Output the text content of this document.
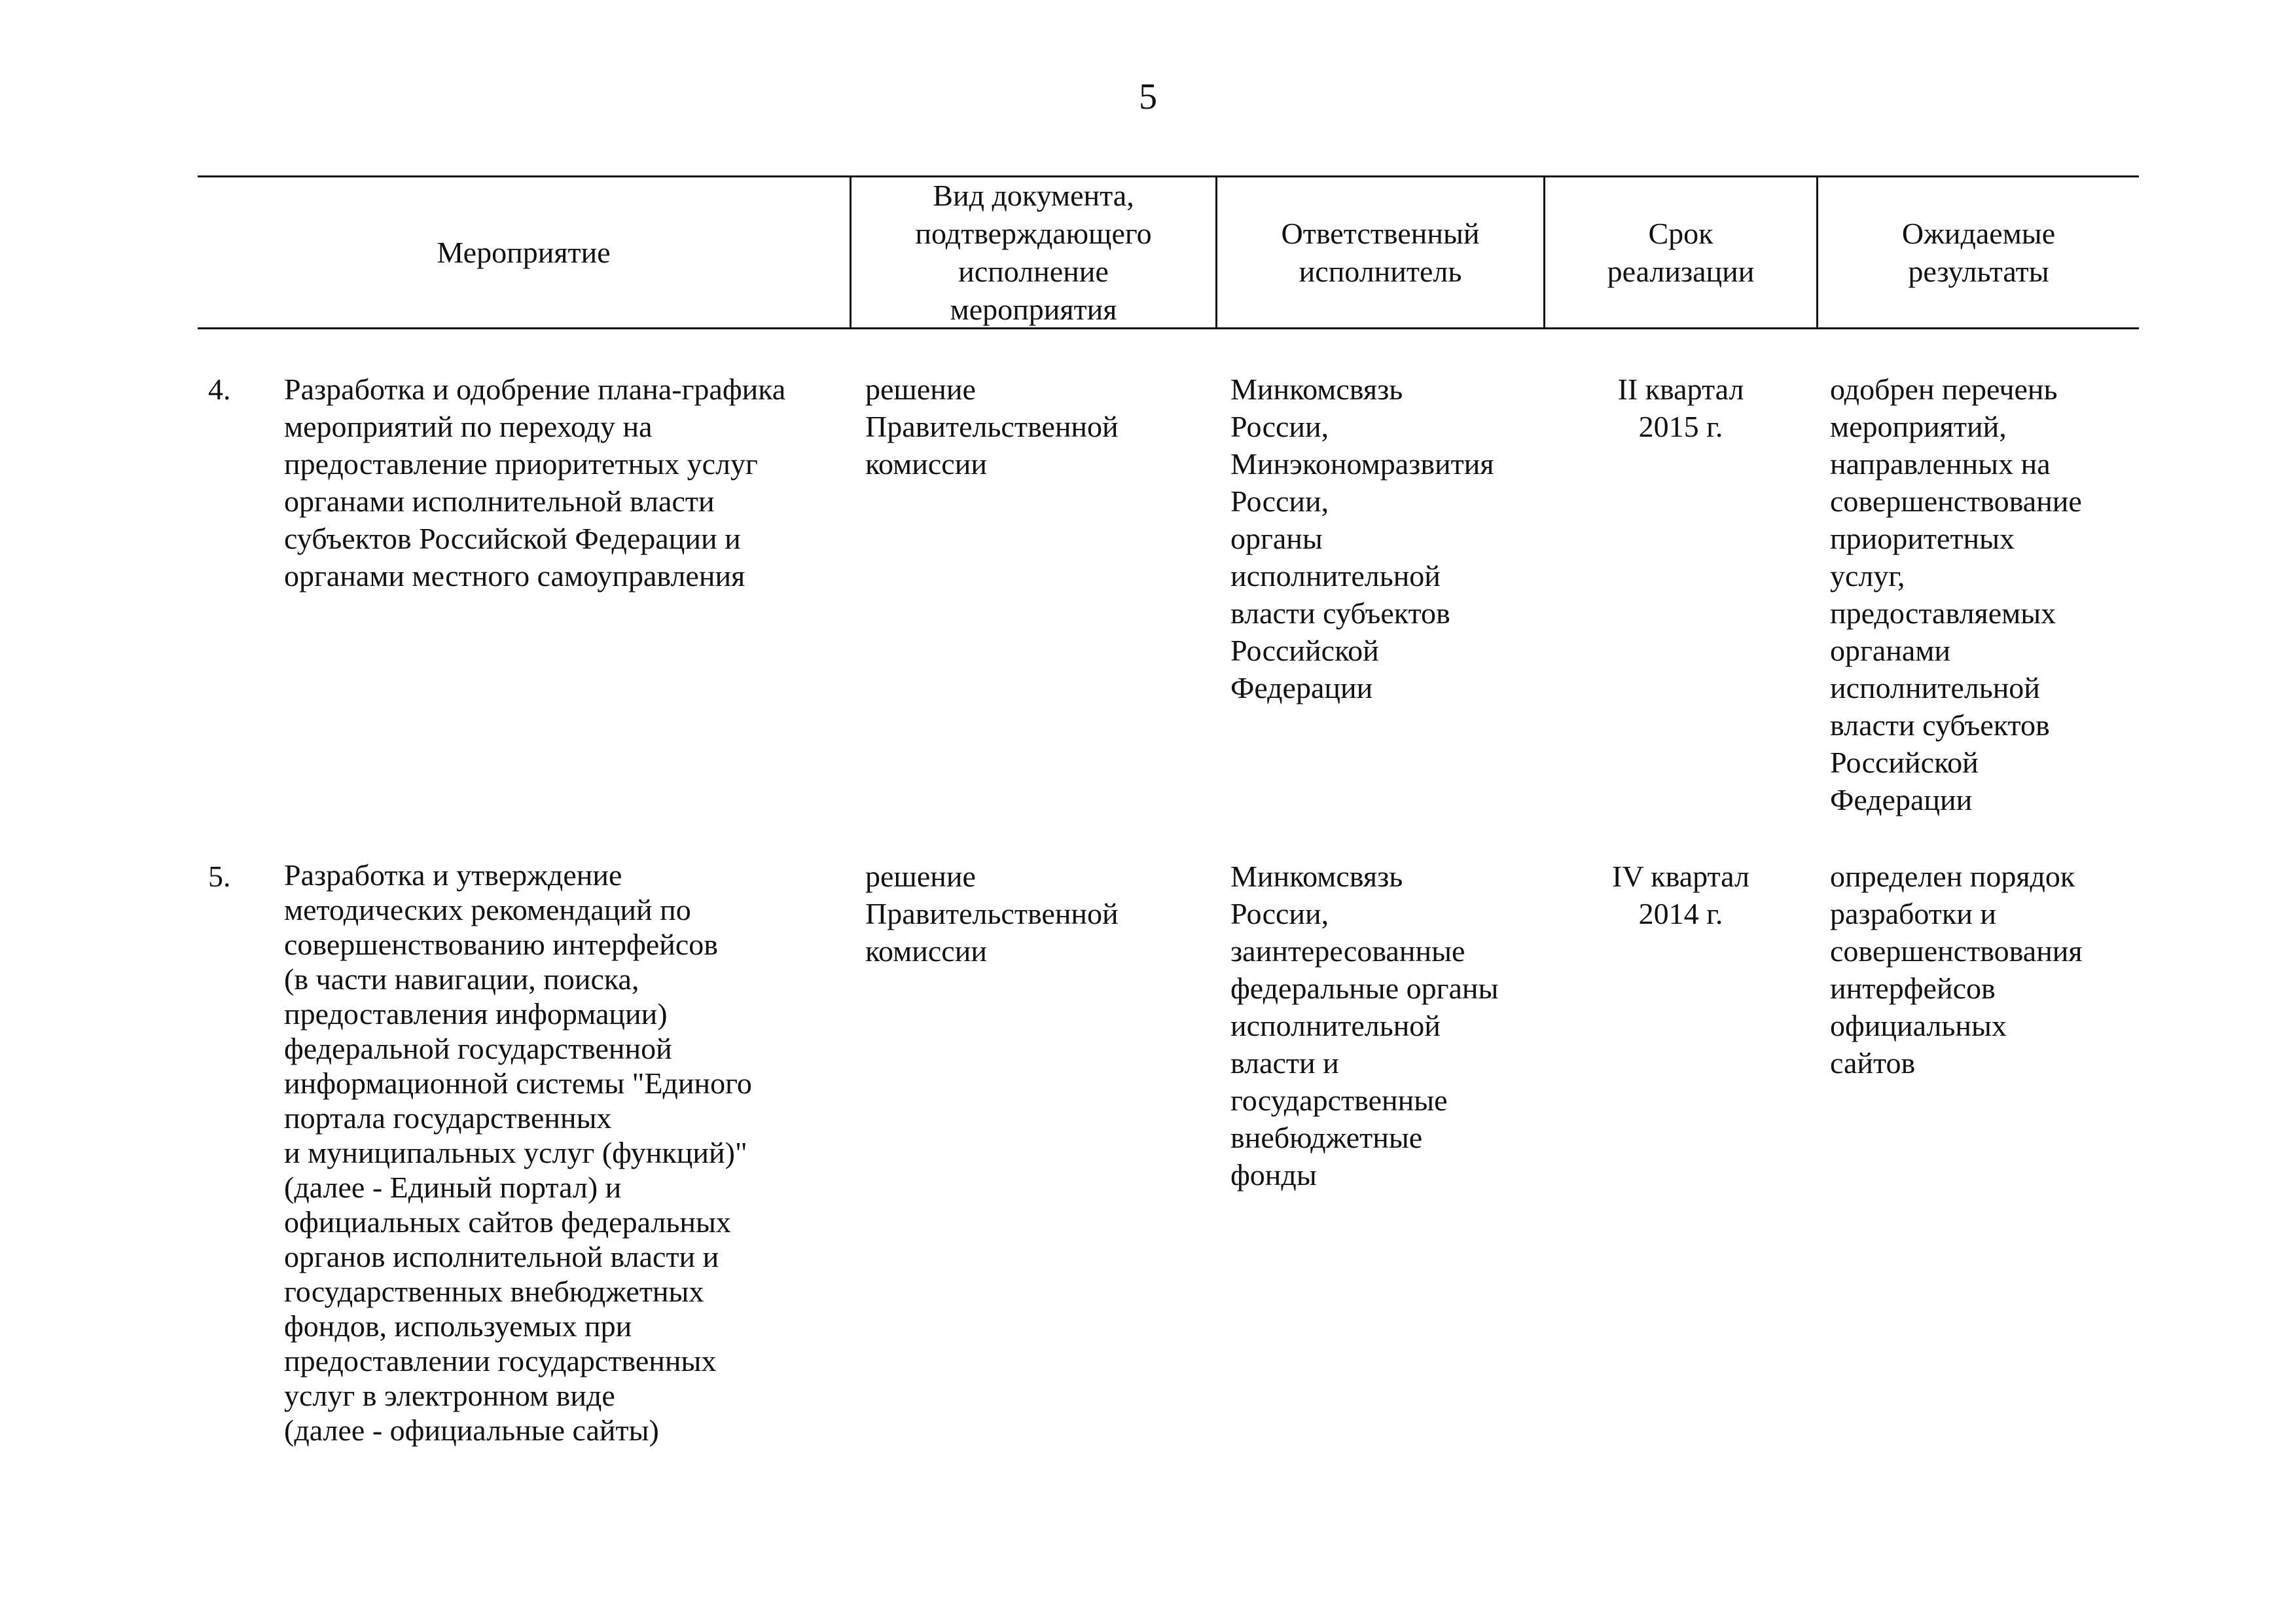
5
Мероприятие
Вид документа,
подтверждающего
исполнение
мероприятия
Ответственный
исполнитель
Срок
реализации
Ожидаемые
результаты
4. Разработка и одобрение плана-графика
мероприятий по переходу на
предоставление приоритетных услуг
органами исполнительной власти
субъектов Российской Федерации и
органами местного самоуправления
решение
Правительственной
комиссии
Минкомсвязь
России,
Минэкономразвития
России,
органы
исполнительной
власти субъектов
Российской
Федерации
II квартал
2015 г.
одобрен перечень
мероприятий,
направленных на
совершенствование
приоритетных
услуг,
предоставляемых
органами
исполнительной
власти субъектов
Российской
Федерации
5. Разработка и утверждение
методических рекомендаций по
совершенствованию интерфейсов
(в части навигации, поиска,
предоставления информации)
федеральной государственной
информационной системы "Единого
портала государственных
и муниципальных услуг (функций)"
(далее - Единый портал) и
официальных сайтов федеральных
органов исполнительной власти и
государственных внебюджетных
фондов, используемых при
предоставлении государственных
услуг в электронном виде
(далее - официальные сайты)
решение
Правительственной
комиссии
Минкомсвязь
России,
заинтересованные
федеральные органы
исполнительной
власти и
государственные
внебюджетные
фонды
IV квартал
2014 г.
определен порядок
разработки и
совершенствования
интерфейсов
официальных
сайтов
